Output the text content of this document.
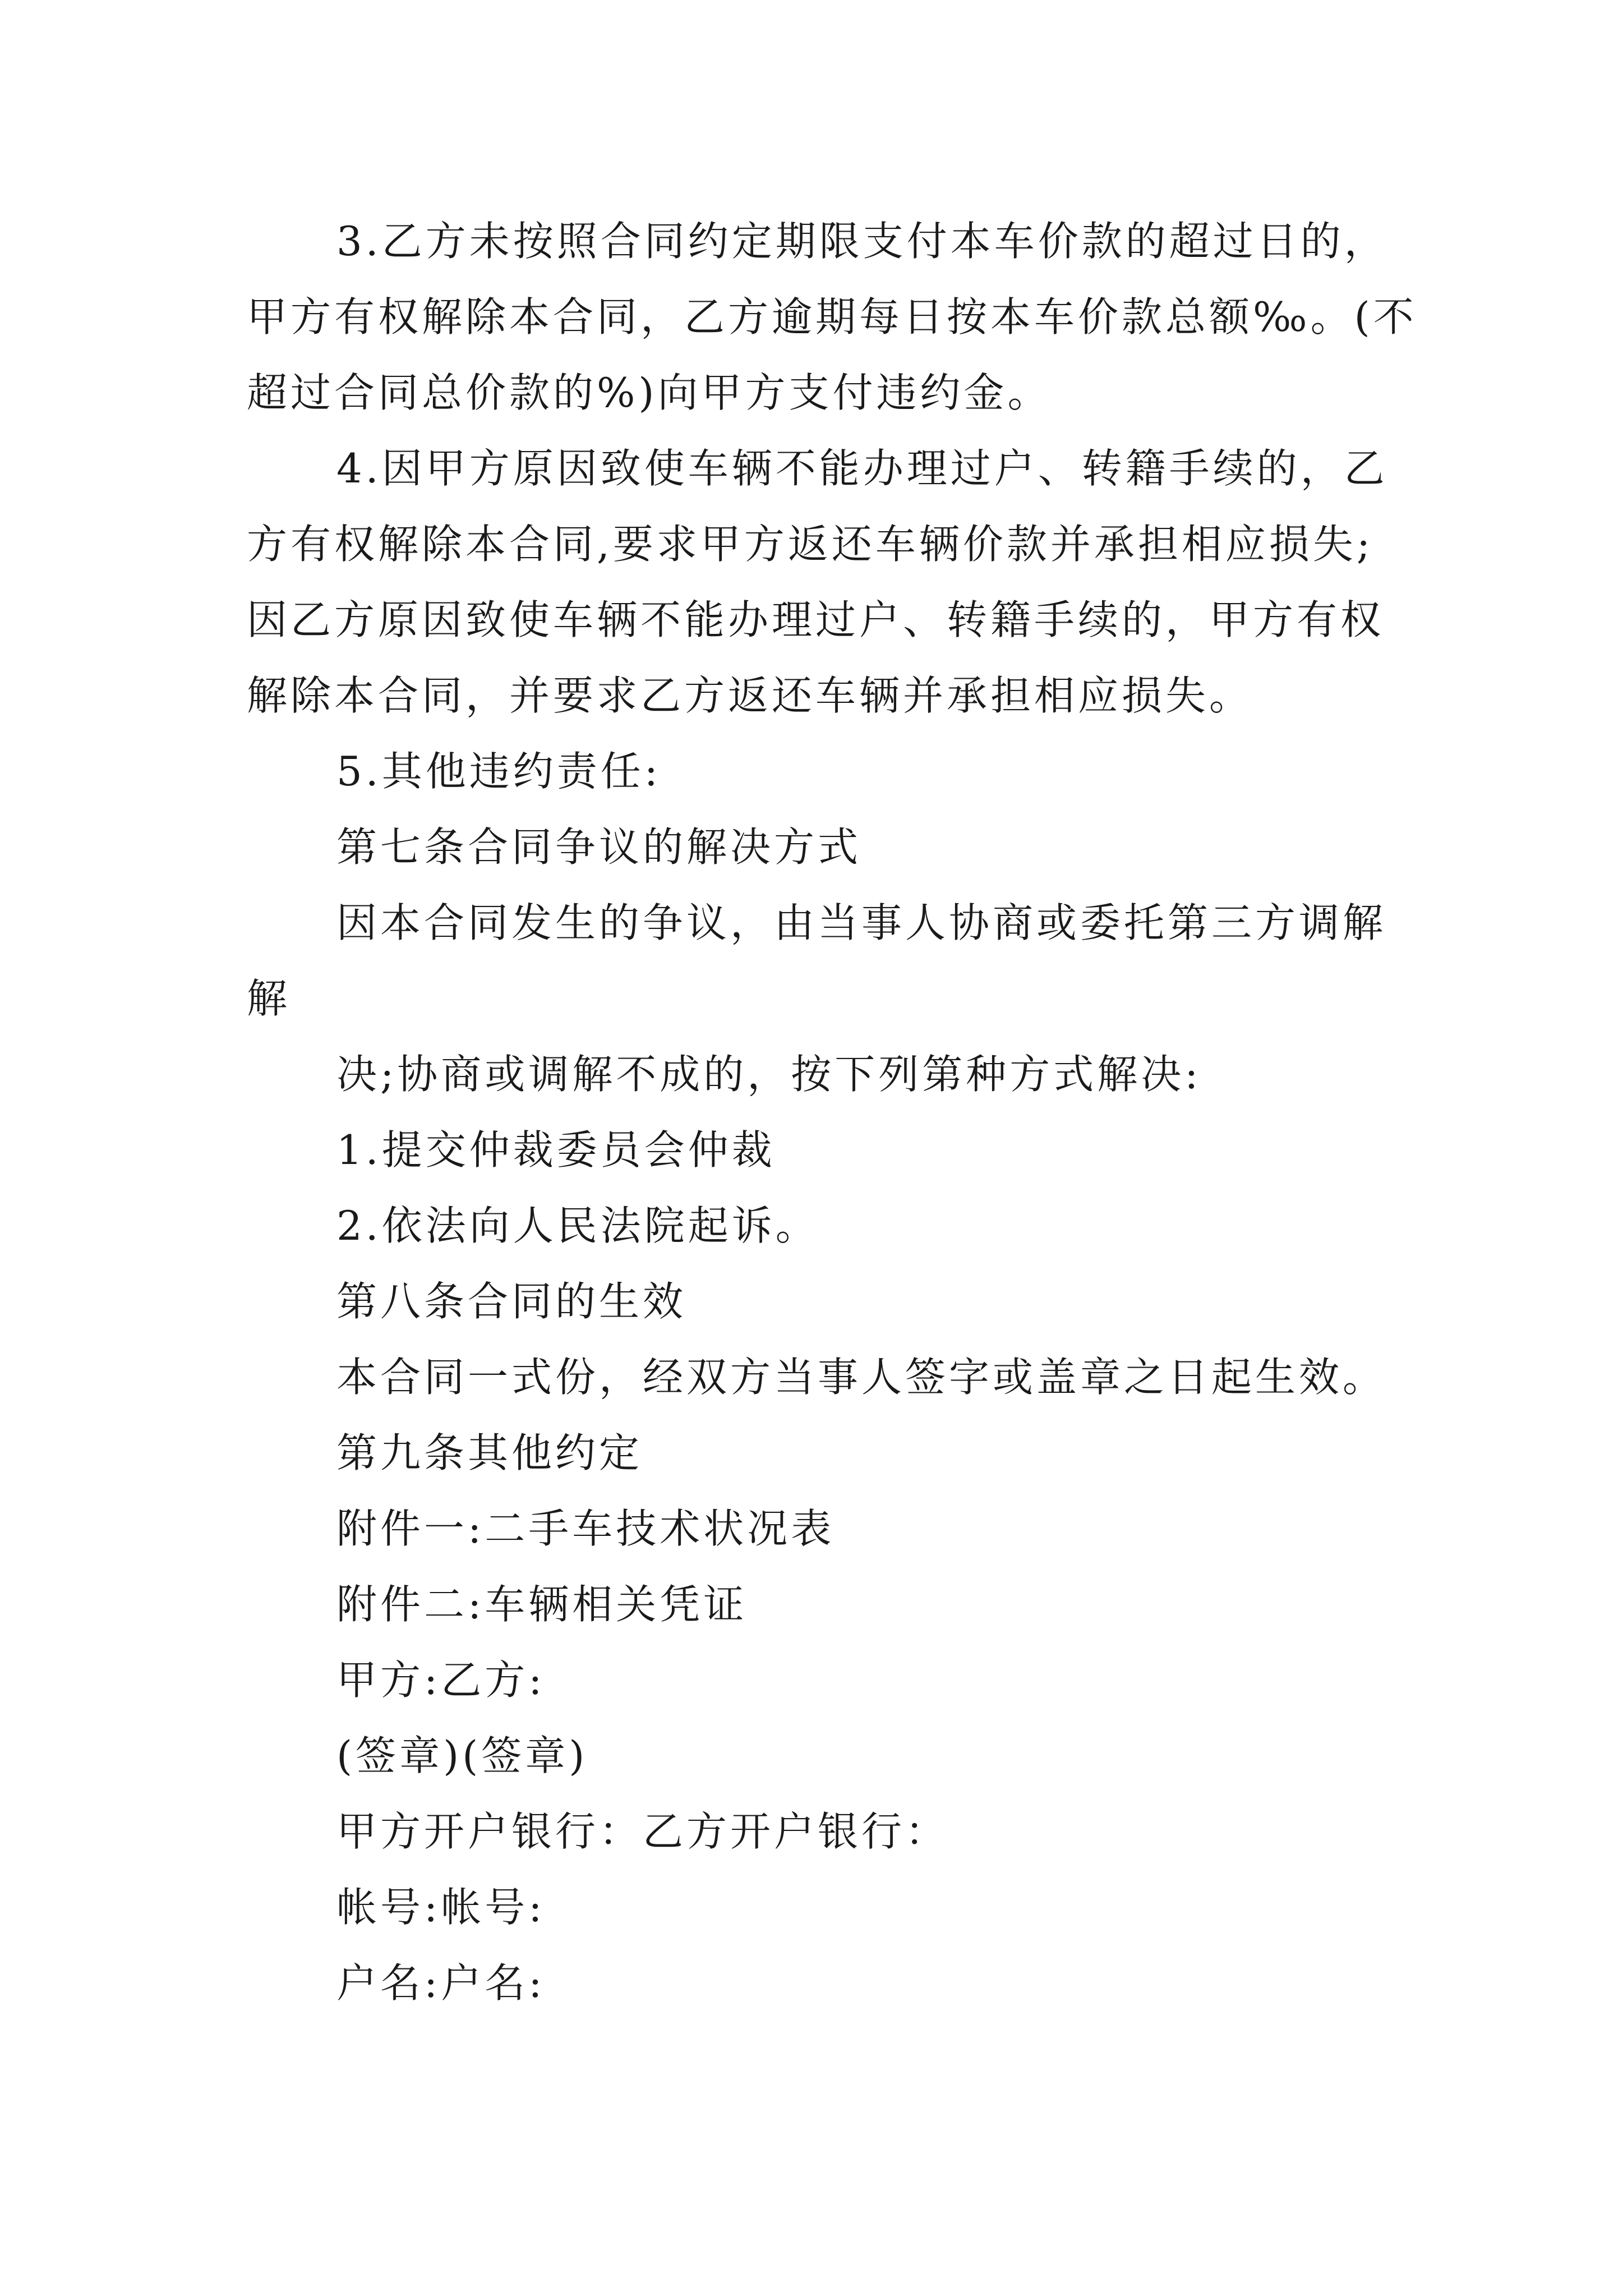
3.乙方未按照合同约定期限支付本车价款的超过日的，
甲方有权解除本合同，乙方逾期每日按本车价款总额‰。(不
超过合同总价款的%)向甲方支付违约金。
4.因甲方原因致使车辆不能办理过户、转籍手续的，乙
方有权解除本合同,要求甲方返还车辆价款并承担相应损失;
因乙方原因致使车辆不能办理过户、转籍手续的，甲方有权
解除本合同，并要求乙方返还车辆并承担相应损失。
5.其他违约责任:
第七条合同争议的解决方式
因本合同发生的争议，由当事人协商或委托第三方调解
解
决;协商或调解不成的，按下列第种方式解决:
1.提交仲裁委员会仲裁
2.依法向人民法院起诉。
第八条合同的生效
本合同一式份，经双方当事人签字或盖章之日起生效。
第九条其他约定
附件一:二手车技术状况表
附件二:车辆相关凭证
甲方:乙方:
(签章)(签章)
甲方开户银行：乙方开户银行：
帐号:帐号:
户名:户名:
